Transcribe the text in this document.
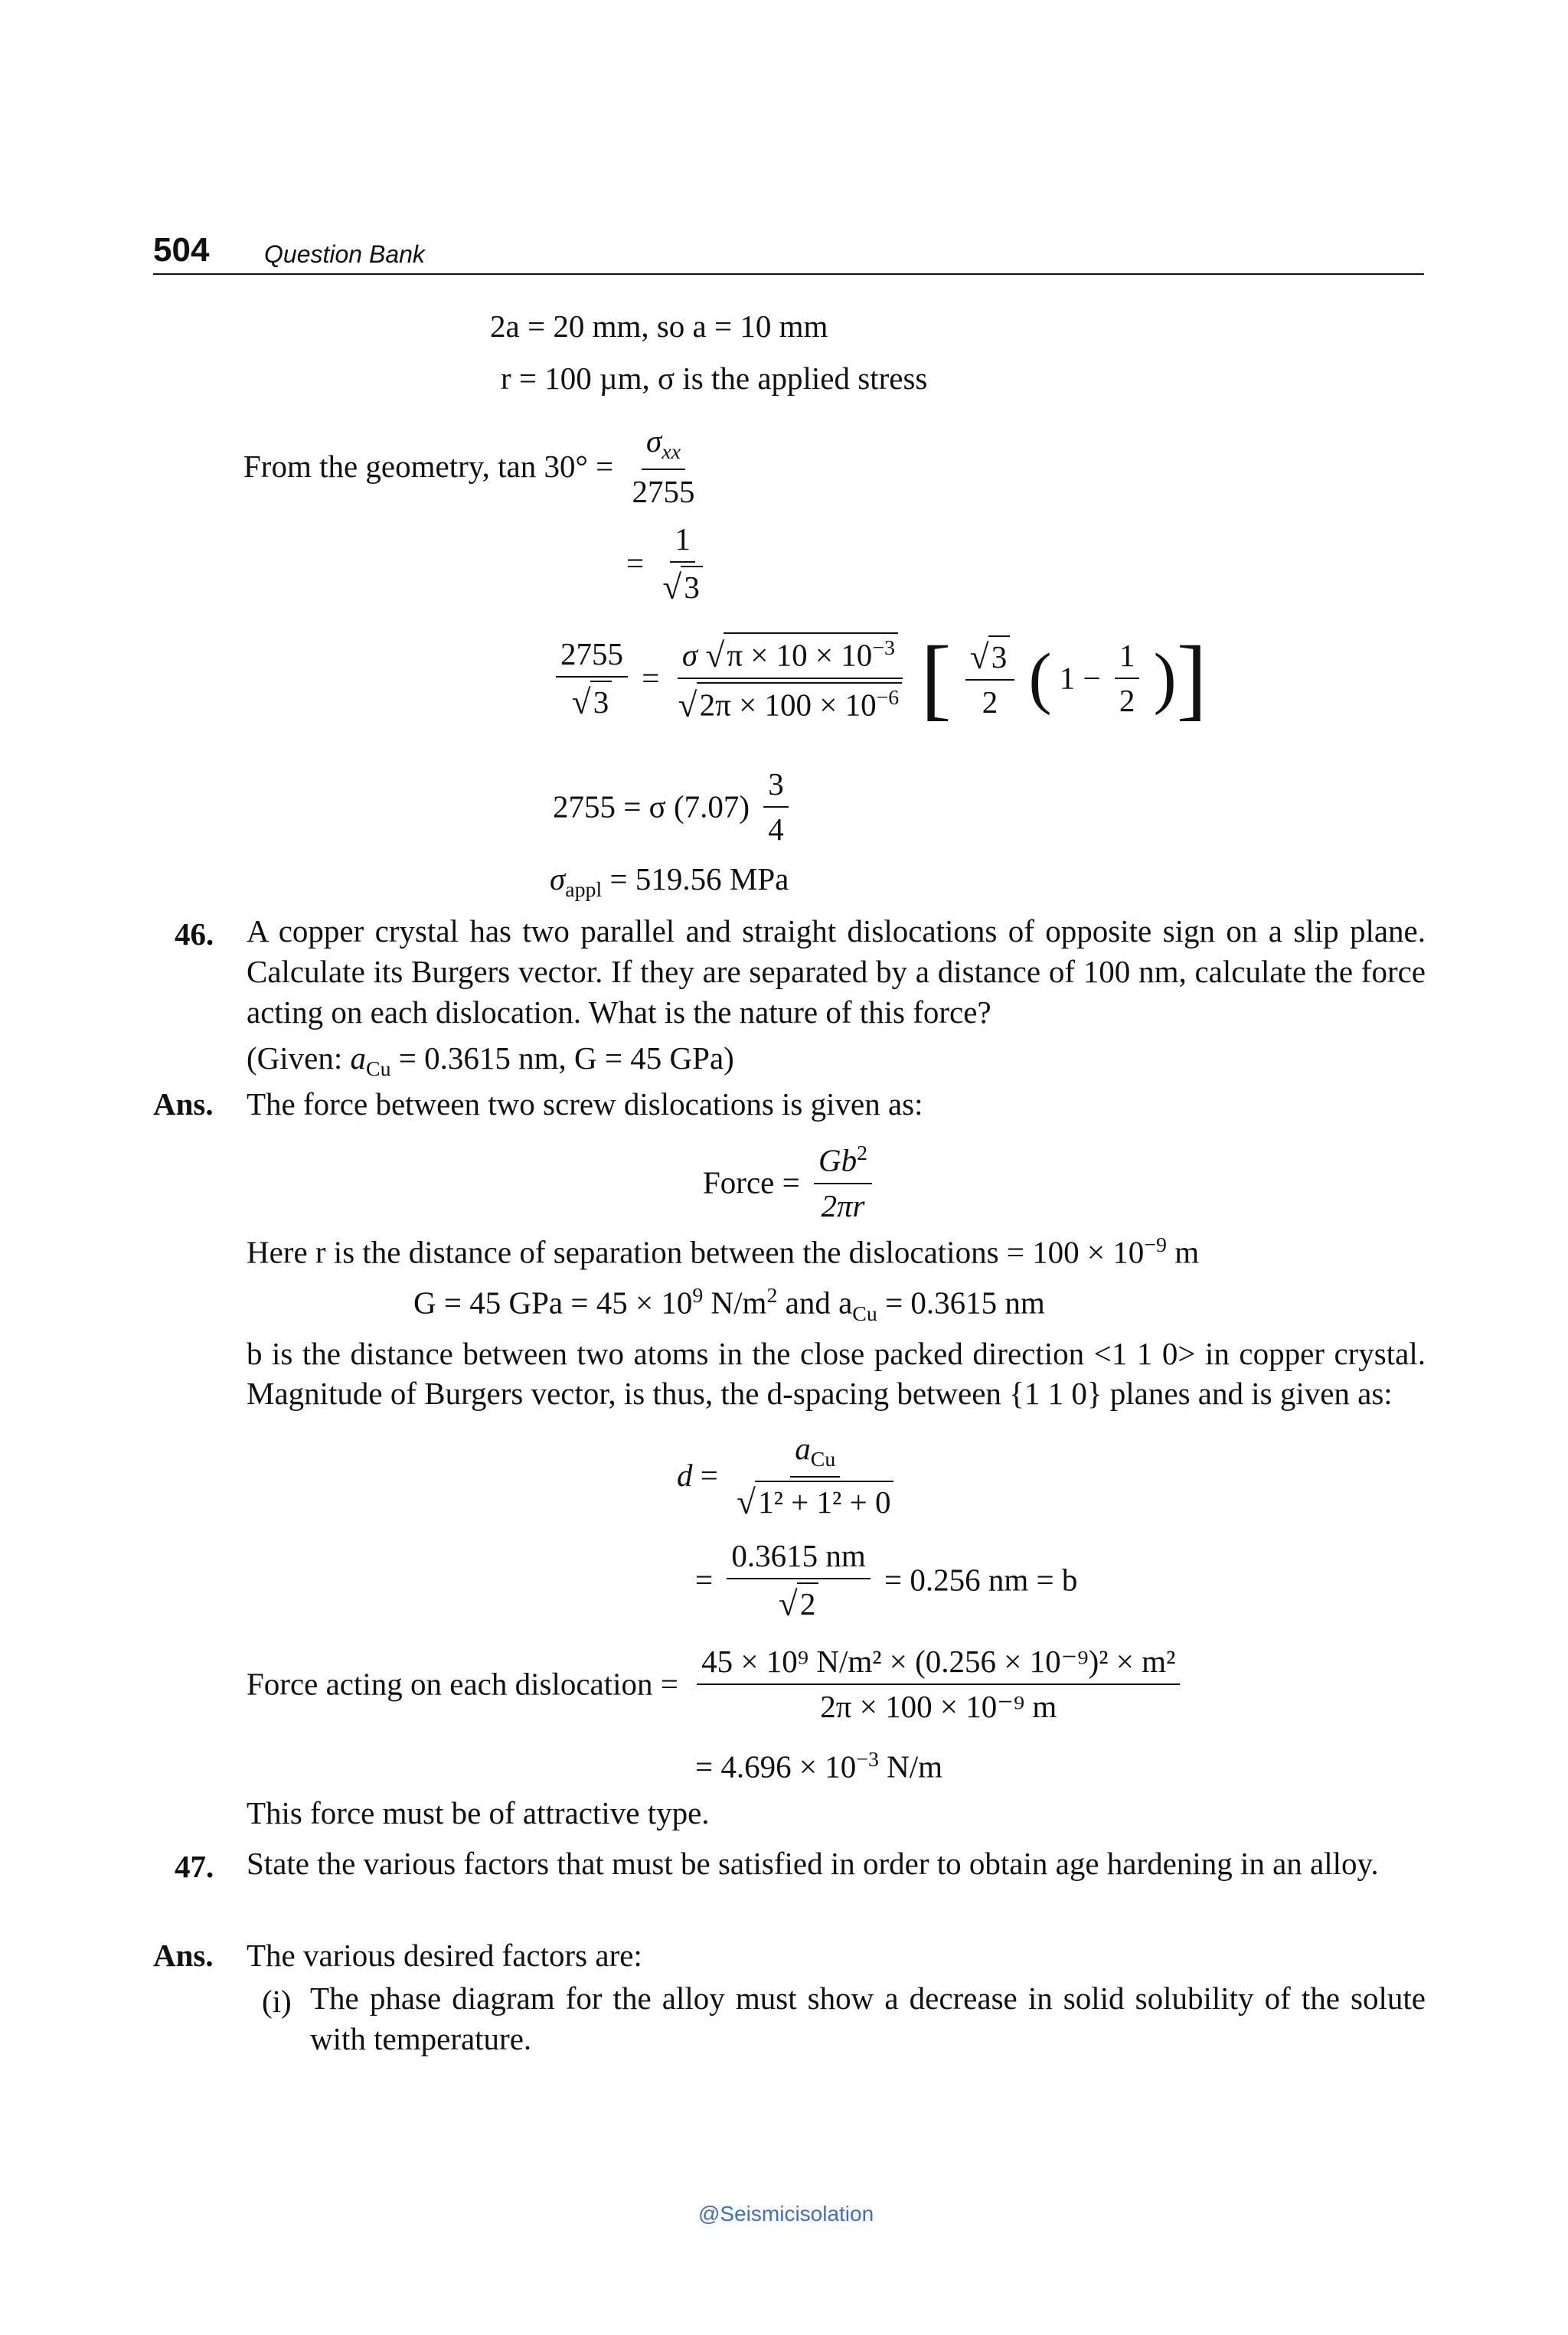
504 Question Bank
2a = 20 mm, so a = 10 mm
r = 100 µm, σ is the applied stress
From the geometry, $\tan 30^\circ = \frac{\sigma_{xx}}{2755}$
= $\frac{1}{√ 3}$
$\frac{2755}{√ 3} = \frac{\sigma √ \pi \times 10 \times 10^{-3}}{√ 2\pi \times 100 \times 10^{-6}}$ [ $\frac{√ 3}{2}$ ( $1 - \frac{1}{2}$ )]
2755 = σ $(7.07) \frac{3}{4}$
$\sigma_{appl} = 519.56$ MPa
46. A copper crystal has two parallel and straight dislocations of opposite sign on a slip plane. Calculate its Burgers vector. If they are separated by a distance of 100 nm, calculate the force acting on each dislocation. What is the nature of this force?
(Given: $a_{Cu} = 0.3615$ nm, G = 45 GPa)
Ans. The force between two screw dislocations is given as:
Force = $\frac{Gb^2}{2\pi r}$
Here r is the distance of separation between the dislocations = $100 \times 10^{-9}$ m
G = 45 GPa = $45 \times 10^9$ $N/m^2$ and $a_{Cu} = 0.3615$ nm
b is the distance between two atoms in the close packed direction <1 1 0> in copper crystal. Magnitude of Burgers vector, is thus, the d-spacing between {1 1 0} planes and is given as:
$d = \frac{a_{Cu}}{\text{√ 1² + 1² + 0}}$
= $\frac{0.3615 nm}{√ 2} = 0.256$ nm = b
Force acting on each dislocation = $\frac{\text{45 × 10⁹ N/m² × (0.256 × 10⁻⁹)² × m²}}{\text{2π × 100 × 10⁻⁹ m}}$
= $4.696 \times 10^{-3}$ N/m
This force must be of attractive type.
47. State the various factors that must be satisfied in order to obtain age hardening in an alloy.
Ans. The various desired factors are:
(i) The phase diagram for the alloy must show a decrease in solid solubility of the solute with temperature.
@Seismicisolation
